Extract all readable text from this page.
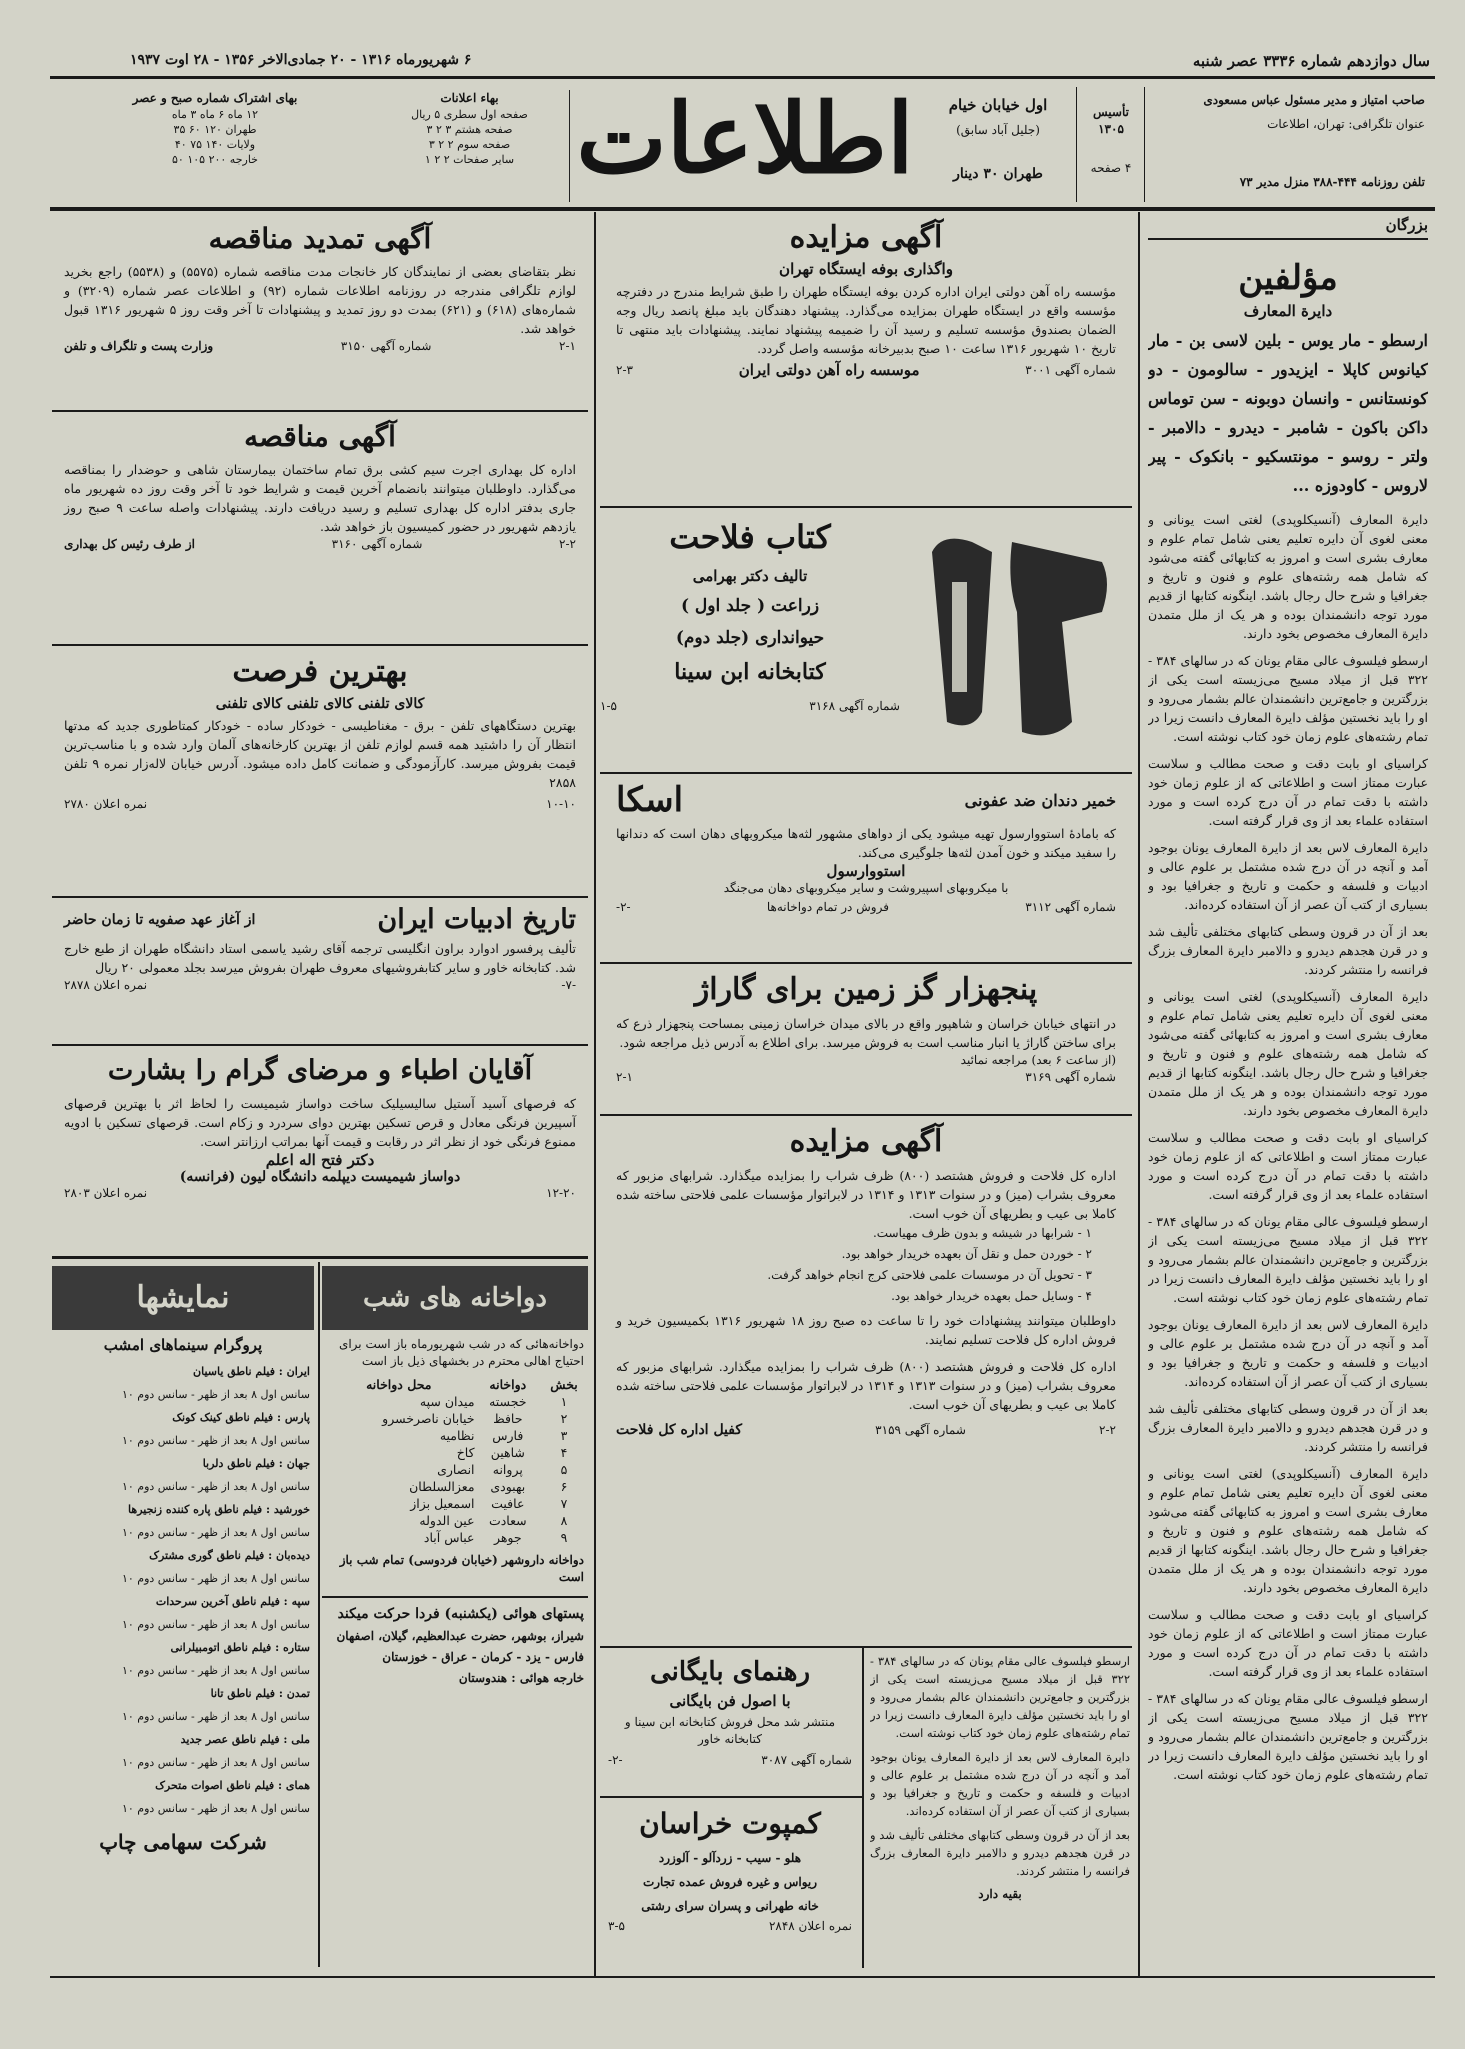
سال دوازدهم شماره ۳۳۳۶ عصر شنبه
۶ شهریورماه ۱۳۱۶ - ۲۰ جمادی‌الاخر ۱۳۵۶ - ۲۸ اوت ۱۹۳۷
صاحب امتیاز و مدیر مسئول عباس مسعودی
عنوان تلگرافی: تهران، اطلاعات
تلفن روزنامه ۴۴۴-۳۸۸ منزل مدیر ۷۳
تأسیس ۱۳۰۵
۴ صفحه
اول خیابان خیام
(جلیل آباد سابق)
طهران ۳۰ دینار
اطلاعات
بهاء اعلانات
صفحه اول سطری ۵ ریال
صفحه هشتم ۳ ۲ ۳
صفحه سوم ۲ ۲ ۳
سایر صفحات ۲ ۲ ۱
بهای اشتراک شماره صبح و عصر
۱۲ ماه ۶ ماه ۳ ماه
طهران ۱۲۰ ۶۰ ۳۵
ولایات ۱۴۰ ۷۵ ۴۰
خارجه ۲۰۰ ۱۰۵ ۵۰
بزرگان
مؤلفین
دایرة المعارف
ارسطو - مار یوس - بلین لاسی بن - مار کیانوس کاپلا - ایزیدور - سالومون - دو کونستانس - وانسان دوبونه - سن توماس داکن باکون - شامبر - دیدرو - دالامبر - ولتر - روسو - مونتسکیو - بانکوک - پیر لاروس - کاودوزه ...
دایرة المعارف (آنسیکلوپدی) لغتی است یونانی و معنی لغوی آن دایره تعلیم یعنی شامل تمام علوم و معارف بشری است و امروز به کتابهائی گفته می‌شود که شامل همه رشته‌های علوم و فنون و تاریخ و جغرافیا و شرح حال رجال باشد. اینگونه کتابها از قدیم مورد توجه دانشمندان بوده و هر یک از ملل متمدن دایرة المعارف مخصوص بخود دارند.
ارسطو فیلسوف عالی مقام یونان که در سالهای ۳۸۴ - ۳۲۲ قبل از میلاد مسیح می‌زیسته است یکی از بزرگترین و جامع‌ترین دانشمندان عالم بشمار می‌رود و او را باید نخستین مؤلف دایرة المعارف دانست زیرا در تمام رشته‌های علوم زمان خود کتاب نوشته است.
کراسیای او بابت دقت و صحت مطالب و سلاست عبارت ممتاز است و اطلاعاتی که از علوم زمان خود داشته با دقت تمام در آن درج کرده است و مورد استفاده علماء بعد از وی قرار گرفته است.
دایرة المعارف لاس بعد از دایرة المعارف یونان بوجود آمد و آنچه در آن درج شده مشتمل بر علوم عالی و ادبیات و فلسفه و حکمت و تاریخ و جغرافیا بود و بسیاری از کتب آن عصر از آن استفاده کرده‌اند.
بعد از آن در قرون وسطی کتابهای مختلفی تألیف شد و در قرن هجدهم دیدرو و دالامبر دایرة المعارف بزرگ فرانسه را منتشر کردند.
دایرة المعارف (آنسیکلوپدی) لغتی است یونانی و معنی لغوی آن دایره تعلیم یعنی شامل تمام علوم و معارف بشری است و امروز به کتابهائی گفته می‌شود که شامل همه رشته‌های علوم و فنون و تاریخ و جغرافیا و شرح حال رجال باشد. اینگونه کتابها از قدیم مورد توجه دانشمندان بوده و هر یک از ملل متمدن دایرة المعارف مخصوص بخود دارند.
کراسیای او بابت دقت و صحت مطالب و سلاست عبارت ممتاز است و اطلاعاتی که از علوم زمان خود داشته با دقت تمام در آن درج کرده است و مورد استفاده علماء بعد از وی قرار گرفته است.
ارسطو فیلسوف عالی مقام یونان که در سالهای ۳۸۴ - ۳۲۲ قبل از میلاد مسیح می‌زیسته است یکی از بزرگترین و جامع‌ترین دانشمندان عالم بشمار می‌رود و او را باید نخستین مؤلف دایرة المعارف دانست زیرا در تمام رشته‌های علوم زمان خود کتاب نوشته است.
دایرة المعارف لاس بعد از دایرة المعارف یونان بوجود آمد و آنچه در آن درج شده مشتمل بر علوم عالی و ادبیات و فلسفه و حکمت و تاریخ و جغرافیا بود و بسیاری از کتب آن عصر از آن استفاده کرده‌اند.
بعد از آن در قرون وسطی کتابهای مختلفی تألیف شد و در قرن هجدهم دیدرو و دالامبر دایرة المعارف بزرگ فرانسه را منتشر کردند.
دایرة المعارف (آنسیکلوپدی) لغتی است یونانی و معنی لغوی آن دایره تعلیم یعنی شامل تمام علوم و معارف بشری است و امروز به کتابهائی گفته می‌شود که شامل همه رشته‌های علوم و فنون و تاریخ و جغرافیا و شرح حال رجال باشد. اینگونه کتابها از قدیم مورد توجه دانشمندان بوده و هر یک از ملل متمدن دایرة المعارف مخصوص بخود دارند.
کراسیای او بابت دقت و صحت مطالب و سلاست عبارت ممتاز است و اطلاعاتی که از علوم زمان خود داشته با دقت تمام در آن درج کرده است و مورد استفاده علماء بعد از وی قرار گرفته است.
ارسطو فیلسوف عالی مقام یونان که در سالهای ۳۸۴ - ۳۲۲ قبل از میلاد مسیح می‌زیسته است یکی از بزرگترین و جامع‌ترین دانشمندان عالم بشمار می‌رود و او را باید نخستین مؤلف دایرة المعارف دانست زیرا در تمام رشته‌های علوم زمان خود کتاب نوشته است.
آگهی مزایده
واگذاری بوفه ایستگاه تهران
مؤسسه راه آهن دولتی ایران اداره کردن بوفه ایستگاه طهران را طبق شرایط مندرج در دفترچه مؤسسه واقع در ایستگاه طهران بمزایده می‌گذارد. پیشنهاد دهندگان باید مبلغ پانصد ریال وجه الضمان بصندوق مؤسسه تسلیم و رسید آن را ضمیمه پیشنهاد نمایند. پیشنهادات باید منتهی تا تاریخ ۱۰ شهریور ۱۳۱۶ ساعت ۱۰ صبح بدبیرخانه مؤسسه واصل گردد.
شماره آگهی ۳۰۰۱
موسسه راه آهن دولتی ایران
۲-۳
کتاب فلاحت
تالیف دکتر بهرامی
زراعت ( جلد اول )
حیوانداری (جلد دوم)
کتابخانه ابن سینا
شماره آگهی ۳۱۶۸
۱-۵
خمیر دندان ضد عفونی
اسکا
که بامادهٔ استووارسول تهیه میشود یکی از دواهای مشهور لثه‌ها میکروبهای دهان است که دندانها را سفید میکند و خون آمدن لثه‌ها جلوگیری می‌کند.
استووارسول
با میکروبهای اسپیروشت و سایر میکروبهای دهان می‌جنگد
شماره آگهی ۳۱۱۲
فروش در تمام دواخانه‌ها
-۲-
پنجهزار گز زمین برای گاراژ
در انتهای خیابان خراسان و شاهپور واقع در بالای میدان خراسان زمینی بمساحت پنجهزار ذرع که برای ساختن گاراژ یا انبار مناسب است به فروش میرسد. برای اطلاع به آدرس ذیل مراجعه شود.
(از ساعت ۶ بعد) مراجعه نمائید
شماره آگهی ۳۱۶۹
۲-۱
آگهی مزایده
اداره کل فلاحت و فروش هشتصد (۸۰۰) ظرف شراب را بمزایده میگذارد. شرابهای مزبور که معروف بشراب (میز) و در سنوات ۱۳۱۳ و ۱۳۱۴ در لابراتوار مؤسسات علمی فلاحتی ساخته شده کاملا بی عیب و بطریهای آن خوب است.
۱ - شرابها در شیشه و بدون ظرف مهیاست.
۲ - خوردن حمل و نقل آن بعهده خریدار خواهد بود.
۳ - تحویل آن در موسسات علمی فلاحتی کرج انجام خواهد گرفت.
۴ - وسایل حمل بعهده خریدار خواهد بود.
داوطلبان میتوانند پیشنهادات خود را تا ساعت ده صبح روز ۱۸ شهریور ۱۳۱۶ بکمیسیون خرید و فروش اداره کل فلاحت تسلیم نمایند.
اداره کل فلاحت و فروش هشتصد (۸۰۰) ظرف شراب را بمزایده میگذارد. شرابهای مزبور که معروف بشراب (میز) و در سنوات ۱۳۱۳ و ۱۳۱۴ در لابراتوار مؤسسات علمی فلاحتی ساخته شده کاملا بی عیب و بطریهای آن خوب است.
۲-۲
شماره آگهی ۳۱۵۹
کفیل اداره کل فلاحت
ارسطو فیلسوف عالی مقام یونان که در سالهای ۳۸۴ - ۳۲۲ قبل از میلاد مسیح می‌زیسته است یکی از بزرگترین و جامع‌ترین دانشمندان عالم بشمار می‌رود و او را باید نخستین مؤلف دایرة المعارف دانست زیرا در تمام رشته‌های علوم زمان خود کتاب نوشته است.
دایرة المعارف لاس بعد از دایرة المعارف یونان بوجود آمد و آنچه در آن درج شده مشتمل بر علوم عالی و ادبیات و فلسفه و حکمت و تاریخ و جغرافیا بود و بسیاری از کتب آن عصر از آن استفاده کرده‌اند.
بعد از آن در قرون وسطی کتابهای مختلفی تألیف شد و در قرن هجدهم دیدرو و دالامبر دایرة المعارف بزرگ فرانسه را منتشر کردند.
بقیه دارد
رهنمای بایگانی
با اصول فن بایگانی
منتشر شد محل فروش کتابخانه ابن سینا و کتابخانه خاور
شماره آگهی ۳۰۸۷
-۲-
کمپوت خراسان
هلو - سیب - زردآلو - آلوزرد
ریواس و غیره فروش عمده تجارت
خانه طهرانی و پسران سرای رشتی
نمره اعلان ۲۸۴۸
۳-۵
آگهی تمدید مناقصه
نظر بتقاضای بعضی از نمایندگان کار خانجات مدت مناقصه شماره (۵۵۷۵) و (۵۵۳۸) راجع بخرید لوازم تلگرافی مندرجه در روزنامه اطلاعات شماره (۹۲) و اطلاعات عصر شماره (۳۲۰۹) و شماره‌های (۶۱۸) و (۶۲۱) بمدت دو روز تمدید و پیشنهادات تا آخر وقت روز ۵ شهریور ۱۳۱۶ قبول خواهد شد.
۲-۱
شماره آگهی ۳۱۵۰
وزارت پست و تلگراف و تلفن
آگهی مناقصه
اداره کل بهداری اجرت سیم کشی برق تمام ساختمان بیمارستان شاهی و حوضدار را بمناقصه می‌گذارد. داوطلبان میتوانند بانضمام آخرین قیمت و شرایط خود تا آخر وقت روز ده شهریور ماه جاری بدفتر اداره کل بهداری تسلیم و رسید دریافت دارند. پیشنهادات واصله ساعت ۹ صبح روز یازدهم شهریور در حضور کمیسیون باز خواهد شد.
۲-۲
شماره آگهی ۳۱۶۰
از طرف رئیس کل بهداری
بهترین فرصت
کالای تلفنی کالای تلفنی کالای تلفنی
بهترین دستگاههای تلفن - برق - مغناطیسی - خودکار ساده - خودکار کمتاطوری جدید که مدتها انتظار آن را داشتید همه قسم لوازم تلفن از بهترین کارخانه‌های آلمان وارد شده و با مناسب‌ترین قیمت بفروش میرسد. کارآزمودگی و ضمانت کامل داده میشود. آدرس خیابان لاله‌زار نمره ۹ تلفن ۲۸۵۸
۱۰-۱۰
نمره اعلان ۲۷۸۰
تاریخ ادبیات ایران
از آغاز عهد صفویه تا زمان حاضر
تألیف پرفسور ادوارد براون انگلیسی ترجمه آقای رشید یاسمی استاد دانشگاه طهران از طبع خارج شد. کتابخانه خاور و سایر کتابفروشیهای معروف طهران بفروش میرسد بجلد معمولی ۲۰ ریال
-۷-
نمره اعلان ۲۸۷۸
آقایان اطباء و مرضای گرام را بشارت
که فرصهای آسید آستیل سالیسیلیک ساخت دواساز شیمیست را لحاظ اثر با بهترین قرصهای آسپیرین فرنگی معادل و قرص تسکین بهترین دوای سردرد و زکام است. قرصهای تسکین با ادویه ممنوع فرنگی خود از نظر اثر در رقابت و قیمت آنها بمراتب ارزانتر است.
دکتر فتح اله اعلم
دواساز شیمیست دیپلمه دانشگاه لیون (فرانسه)
۱۲-۲۰
نمره اعلان ۲۸۰۳
دواخانه های شب
دواخانه‌هائی که در شب شهریورماه باز است برای احتیاج اهالی محترم در بخشهای ذیل باز است
بخش	دواخانه	محل دواخانه
۱	خجسته	میدان سپه
۲	حافظ	خیابان ناصرخسرو
۳	فارس	نظامیه
۴	شاهین	کاخ
۵	پروانه	انصاری
۶	بهبودی	معزالسلطان
۷	عافیت	اسمعیل بزاز
۸	سعادت	عین الدوله
۹	جوهر	عباس آباد
دواخانه داروشهر (خیابان فردوسی) تمام شب باز است
پستهای هوائی (یکشنبه) فردا حرکت میکند
شیراز، بوشهر، حضرت عبدالعظیم، گیلان، اصفهان
فارس - یزد - کرمان - عراق - خوزستان
خارجه هوائی : هندوستان
نمایشها
پروگرام سینماهای امشب
ایران : فیلم ناطق یاسیان
سانس اول ۸ بعد از ظهر - سانس دوم ۱۰
پارس : فیلم ناطق کینک کونک
سانس اول ۸ بعد از ظهر - سانس دوم ۱۰
جهان : فیلم ناطق دلربا
سانس اول ۸ بعد از ظهر - سانس دوم ۱۰
خورشید : فیلم ناطق پاره کننده زنجیرها
سانس اول ۸ بعد از ظهر - سانس دوم ۱۰
دیده‌بان : فیلم ناطق گوری مشترک
سانس اول ۸ بعد از ظهر - سانس دوم ۱۰
سپه : فیلم ناطق آخرین سرحدات
سانس اول ۸ بعد از ظهر - سانس دوم ۱۰
ستاره : فیلم ناطق اتومبیلرانی
سانس اول ۸ بعد از ظهر - سانس دوم ۱۰
تمدن : فیلم ناطق تانا
سانس اول ۸ بعد از ظهر - سانس دوم ۱۰
ملی : فیلم ناطق عصر جدید
سانس اول ۸ بعد از ظهر - سانس دوم ۱۰
همای : فیلم ناطق اصوات متحرک
سانس اول ۸ بعد از ظهر - سانس دوم ۱۰
شرکت سهامی چاپ
